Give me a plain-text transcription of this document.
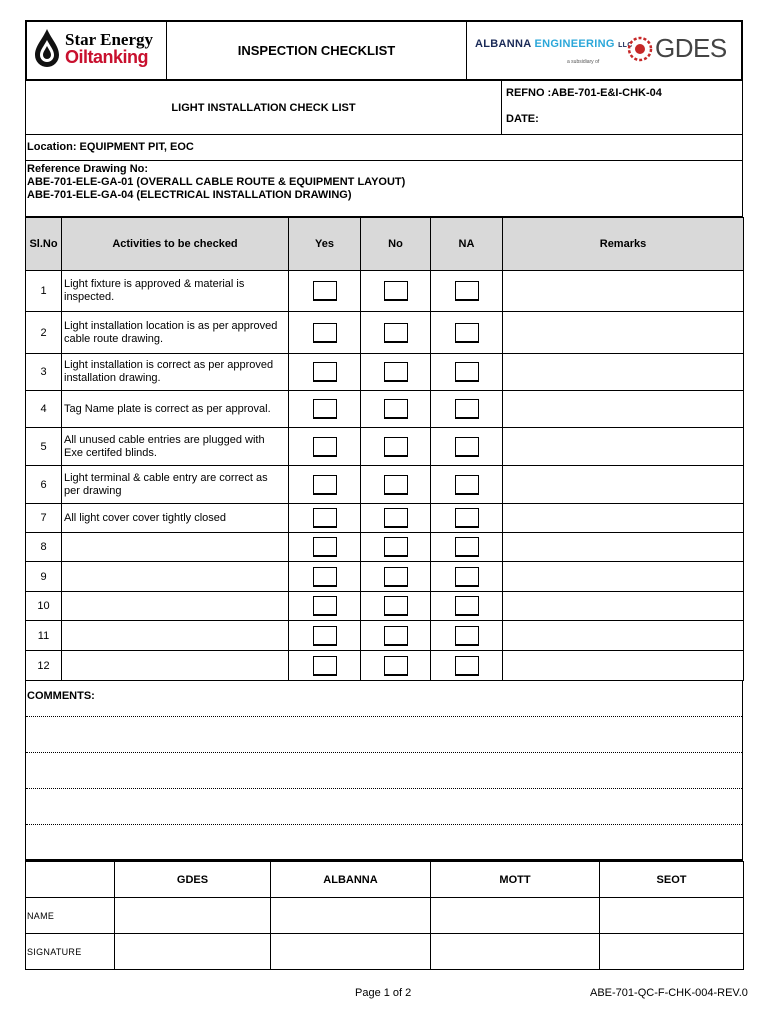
Star Energy
Oiltanking	INSPECTION CHECKLIST	ALBANNA ENGINEERING LLC
a subsidiary of GDES
LIGHT INSTALLATION CHECK LIST
REFNO :ABE-701-E&I-CHK-04
DATE:
Location: EQUIPMENT PIT, EOC
Reference Drawing No:
ABE-701-ELE-GA-01 (OVERALL CABLE ROUTE & EQUIPMENT LAYOUT)
ABE-701-ELE-GA-04 (ELECTRICAL INSTALLATION DRAWING)
Sl.No	Activities to be checked	Yes	No	NA	Remarks
1	Light fixture is approved & material is inspected.				
2	Light installation location is as per approved cable route drawing.				
3	Light installation is correct as per approved installation drawing.				
4	Tag Name plate is correct as per approval.				
5	All unused cable entries are plugged with Exe certifed blinds.				
6	Light terminal & cable entry are correct as per drawing				
7	All light cover cover tightly closed				
8					
9					
10					
11					
12					
COMMENTS:
	GDES	ALBANNA	MOTT	SEOT
NAME				
SIGNATURE				
Page 1 of 2	ABE-701-QC-F-CHK-004-REV.0
